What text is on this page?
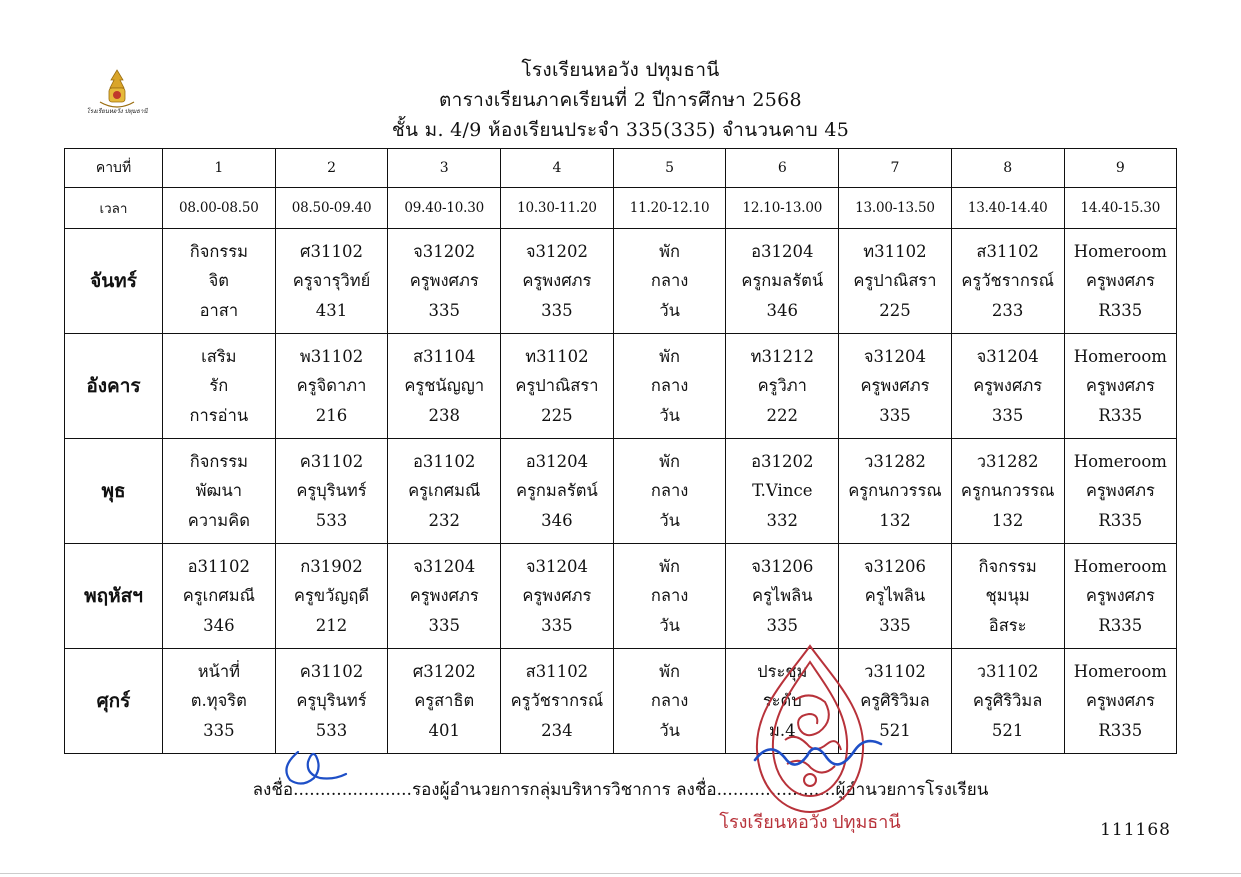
โรงเรียนหอวัง ปทุมธานี
โรงเรียนหอวัง ปทุมธานี
ตารางเรียนภาคเรียนที่ 2 ปีการศึกษา 2568
ชั้น ม. 4/9 ห้องเรียนประจำ 335(335) จำนวนคาบ 45
คาบที่	1	2	3	4	5	6	7	8	9
เวลา	08.00-08.50	08.50-09.40	09.40-10.30	10.30-11.20	11.20-12.10	12.10-13.00	13.00-13.50	13.40-14.40	14.40-15.30
จันทร์	กิจกรรม
จิต
อาสา	ศ31102
ครูจารุวิทย์
431	จ31202
ครูพงศภร
335	จ31202
ครูพงศภร
335	พัก
กลาง
วัน	อ31204
ครูกมลรัตน์
346	ท31102
ครูปาณิสรา
225	ส31102
ครูวัชรากรณ์
233	Homeroom
ครูพงศภร
R335

อังคาร	เสริม
รัก
การอ่าน	พ31102
ครูจิดาภา
216	ส31104
ครูชนัญญา
238	ท31102
ครูปาณิสรา
225	พัก
กลาง
วัน	ท31212
ครูวิภา
222	จ31204
ครูพงศภร
335	จ31204
ครูพงศภร
335	Homeroom
ครูพงศภร
R335

พุธ	กิจกรรม
พัฒนา
ความคิด	ค31102
ครูบุรินทร์
533	อ31102
ครูเกศมณี
232	อ31204
ครูกมลรัตน์
346	พัก
กลาง
วัน	อ31202
T.Vince
332	ว31282
ครูกนกวรรณ
132	ว31282
ครูกนกวรรณ
132	Homeroom
ครูพงศภร
R335

พฤหัสฯ	อ31102
ครูเกศมณี
346	ก31902
ครูขวัญฤดี
212	จ31204
ครูพงศภร
335	จ31204
ครูพงศภร
335	พัก
กลาง
วัน	จ31206
ครูไพลิน
335	จ31206
ครูไพลิน
335	กิจกรรม
ชุมนุม
อิสระ	Homeroom
ครูพงศภร
R335

ศุกร์	หน้าที่
ต.ทุจริต
335	ค31102
ครูบุรินทร์
533	ศ31202
ครูสาธิต
401	ส31102
ครูวัชรากรณ์
234	พัก
กลาง
วัน	ประชุม
ระดับ
ม.4	ว31102
ครูศิริวิมล
521	ว31102
ครูศิริวิมล
521	Homeroom
ครูพงศภร
R335
ลงชื่อ......................รองผู้อำนวยการกลุ่มบริหารวิชาการ ลงชื่อ......................ผู้อำนวยการโรงเรียน
111168
โรงเรียนหอวัง ปทุมธานี
